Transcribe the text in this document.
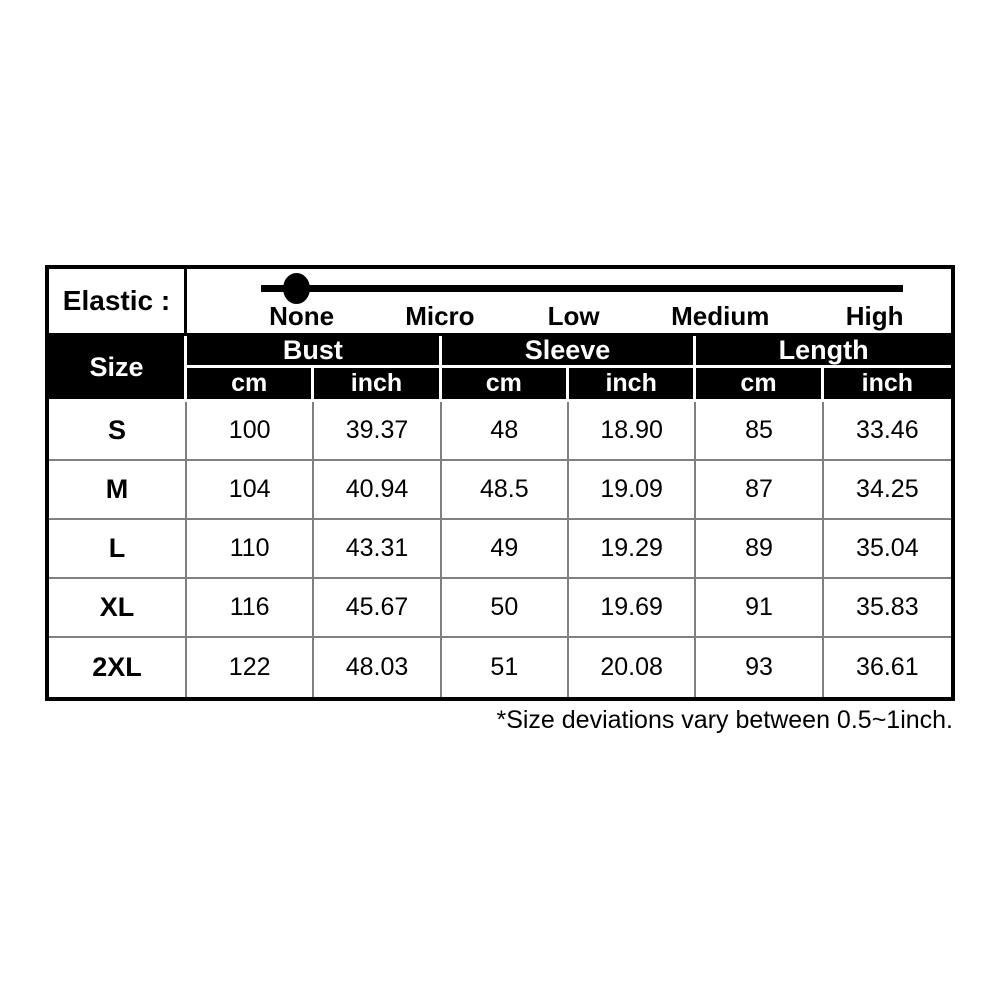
Elastic :	None	Micro	Low	Medium	High
Size
Bust	Sleeve	Length
cm	inch	cm	inch	cm	inch
S	100	39.37	48	18.90	85	33.46
M	104	40.94	48.5	19.09	87	34.25
L	110	43.31	49	19.29	89	35.04
XL	116	45.67	50	19.69	91	35.83
2XL	122	48.03	51	20.08	93	36.61
*Size deviations vary between 0.5~1inch.
